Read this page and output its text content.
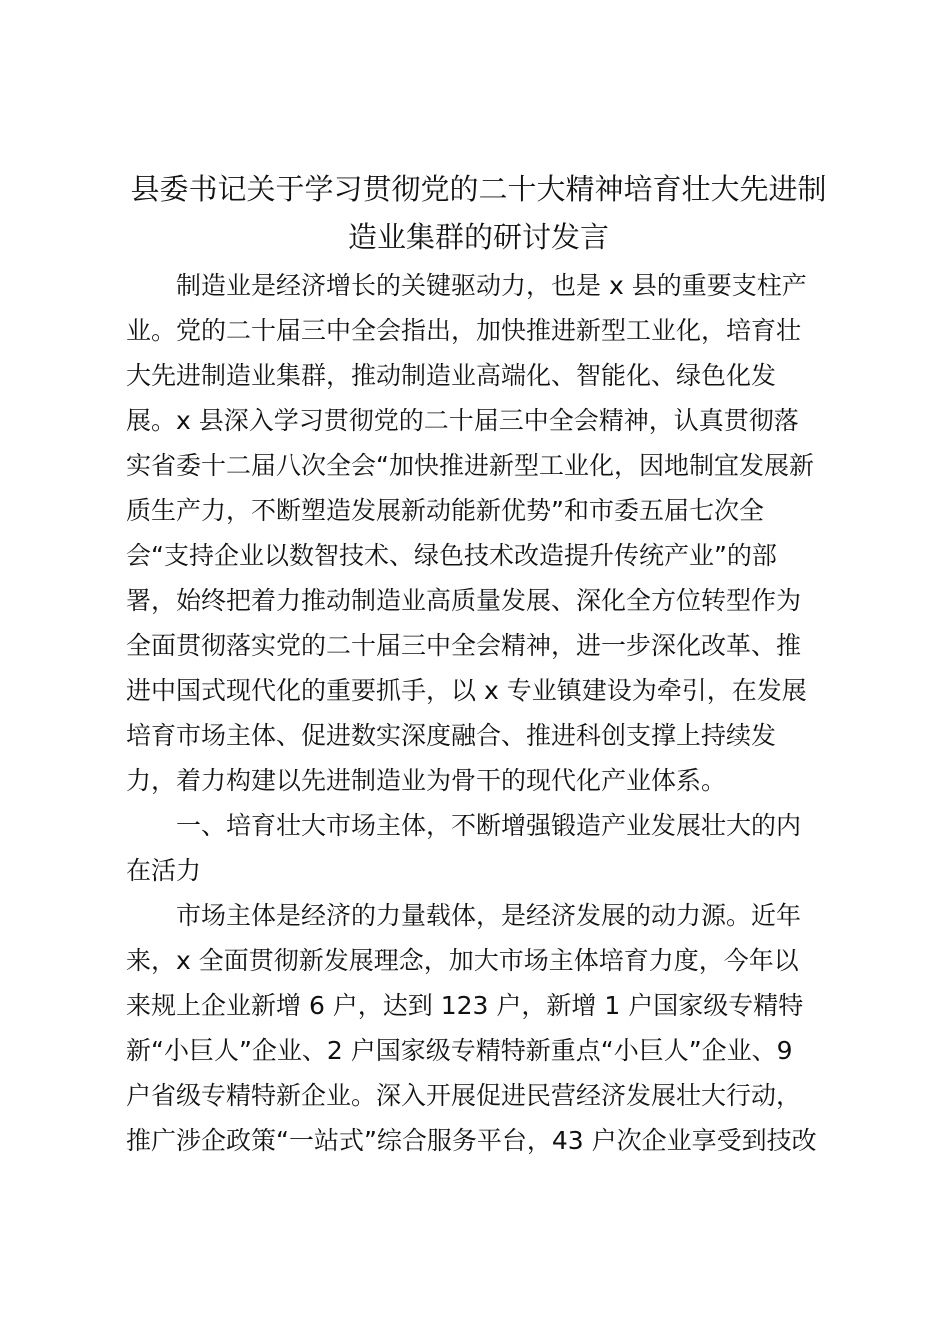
县委书记关于学习贯彻党的二十大精神培育壮大先进制
造业集群的研讨发言

制造业是经济增长的关键驱动力，也是 x 县的重要支柱产
业。党的二十届三中全会指出，加快推进新型工业化，培育壮
大先进制造业集群，推动制造业高端化、智能化、绿色化发
展。x 县深入学习贯彻党的二十届三中全会精神，认真贯彻落
实省委十二届八次全会“加快推进新型工业化，因地制宜发展新
质生产力，不断塑造发展新动能新优势”和市委五届七次全
会“支持企业以数智技术、绿色技术改造提升传统产业”的部
署，始终把着力推动制造业高质量发展、深化全方位转型作为
全面贯彻落实党的二十届三中全会精神，进一步深化改革、推
进中国式现代化的重要抓手，以 x 专业镇建设为牵引，在发展
培育市场主体、促进数实深度融合、推进科创支撑上持续发
力，着力构建以先进制造业为骨干的现代化产业体系。

一、培育壮大市场主体，不断增强锻造产业发展壮大的内
在活力

市场主体是经济的力量载体，是经济发展的动力源。近年
来，x 全面贯彻新发展理念，加大市场主体培育力度，今年以
来规上企业新增 6 户，达到 123 户，新增 1 户国家级专精特
新“小巨人”企业、2 户国家级专精特新重点“小巨人”企业、9
户省级专精特新企业。深入开展促进民营经济发展壮大行动，
推广涉企政策“一站式”综合服务平台，43 户次企业享受到技改
